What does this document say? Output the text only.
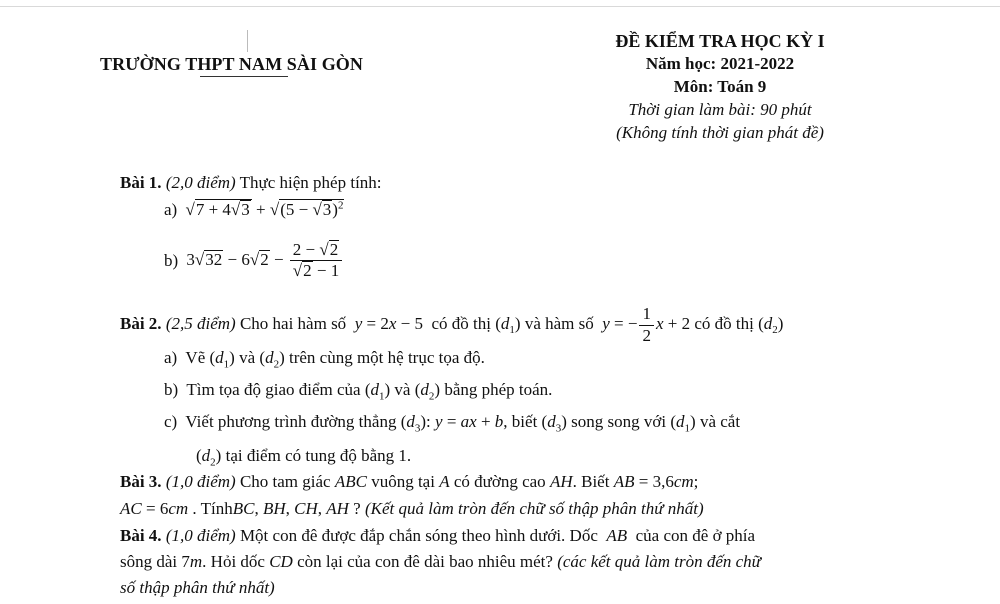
TRƯỜNG THPT NAM SÀI GÒN
ĐỀ KIỂM TRA HỌC KỲ I
Năm học: 2021-2022
Môn: Toán 9
Thời gian làm bài: 90 phút
(Không tính thời gian phát đề)
Bài 1. (2,0 điểm) Thực hiện phép tính:
a) $√7 + 4√3 + √(5 - √3)^2$
b) $3√32 - 6√2 - \frac{2 - √2}{√2 - 1}$
Bài 2. (2,5 điểm) Cho hai hàm số  y = 2x − 5  có đồ thị $(d_1)$ và hàm số  y = − $\frac{1}{2}$ x + 2 có đồ thị $(d_2)$
a) Vẽ $(d_1)$ và $(d_2)$ trên cùng một hệ trục tọa độ.
b) Tìm tọa độ giao điểm của $(d_1)$ và $(d_2)$ bằng phép toán.
c) Viết phương trình đường thẳng $(d_3)$: y = ax + b, biết $(d_3)$ song song với $(d_1)$ và cắt
$(d_2)$ tại điểm có tung độ bằng 1.
Bài 3. (1,0 điểm) Cho tam giác ABC vuông tại A có đường cao AH. Biết AB = 3,6cm;
AC = 6cm . TínhBC, BH, CH, AH ? (Kết quả làm tròn đến chữ số thập phân thứ nhất)
Bài 4. (1,0 điểm) Một con đê được đắp chắn sóng theo hình dưới. Dốc  AB  của con đê ở phía
sông dài 7m. Hỏi dốc CD còn lại của con đê dài bao nhiêu mét? (các kết quả làm tròn đến chữ
số thập phân thứ nhất)
